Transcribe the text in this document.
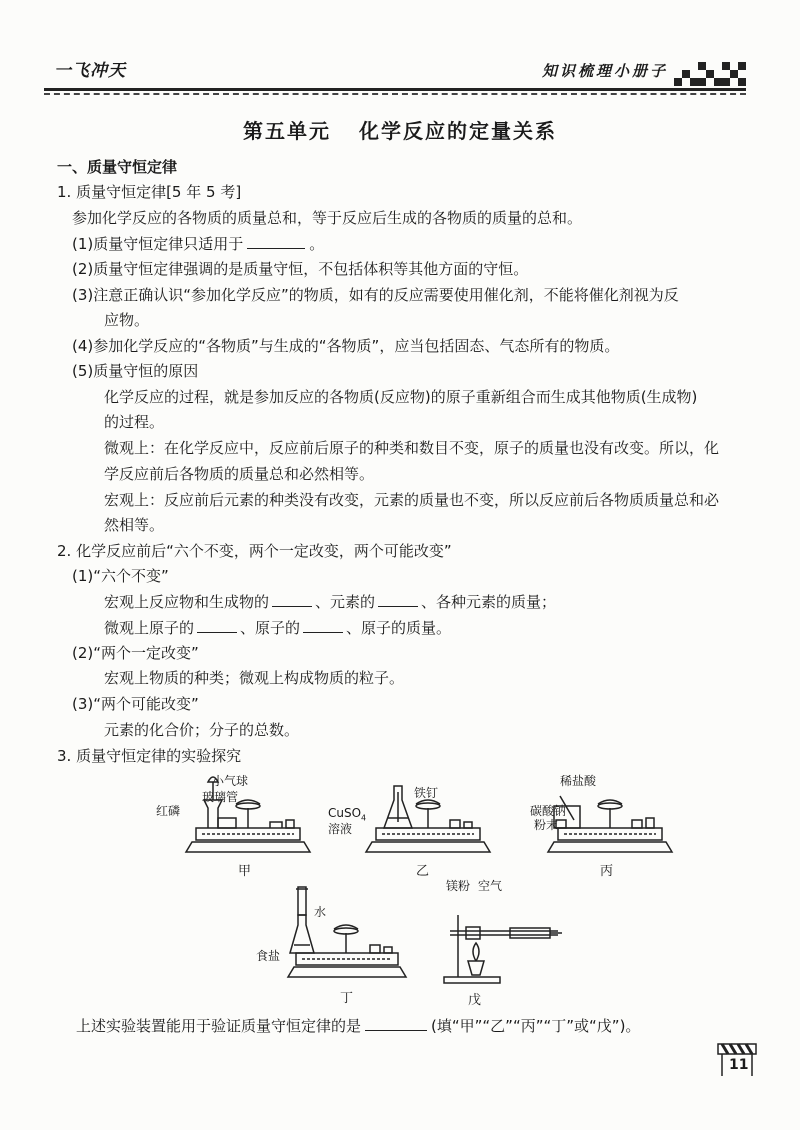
一飞冲天	知识梳理小册子
第五单元 化学反应的定量关系
一、质量守恒定律
1. 质量守恒定律[5 年 5 考]
参加化学反应的各物质的质量总和，等于反应后生成的各物质的质量的总和。
(1)质量守恒定律只适用于	。
(2)质量守恒定律强调的是质量守恒，不包括体积等其他方面的守恒。
(3)注意正确认识“参加化学反应”的物质，如有的反应需要使用催化剂，不能将催化剂视为反
应物。
(4)参加化学反应的“各物质”与生成的“各物质”，应当包括固态、气态所有的物质。
(5)质量守恒的原因
化学反应的过程，就是参加反应的各物质(反应物)的原子重新组合而生成其他物质(生成物)
的过程。
微观上：在化学反应中，反应前后原子的种类和数目不变，原子的质量也没有改变。所以，化
学反应前后各物质的质量总和必然相等。
宏观上：反应前后元素的种类没有改变，元素的质量也不变，所以反应前后各物质质量总和必
然相等。
2. 化学反应前后“六个不变，两个一定改变，两个可能改变”
(1)“六个不变”
宏观上反应物和生成物的	、元素的	、各种元素的质量；
微观上原子的	、原子的	、原子的质量。
(2)“两个一定改变”
宏观上物质的种类；微观上构成物质的粒子。
(3)“两个可能改变”
元素的化合价；分子的总数。
3. 质量守恒定律的实验探究
小气球
玻璃管
红磷
甲
CuSO$_4$
溶液
铁钉
乙
稀盐酸
碳酸钠
粉末
丙
水
食盐
丁
镁粉 空气
戊
上述实验装置能用于验证质量守恒定律的是	(填“甲”“乙”“丙”“丁”或“戊”)。
11
